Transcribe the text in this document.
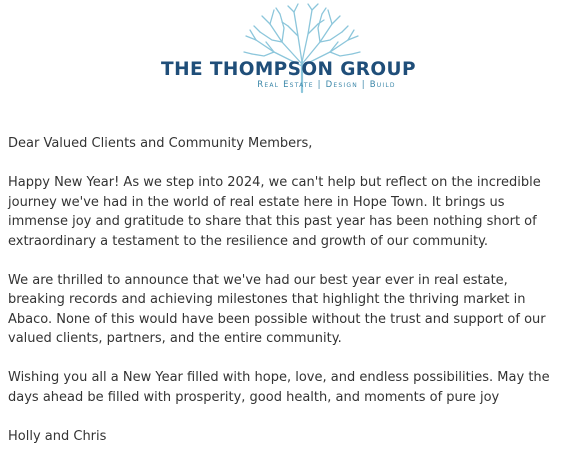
THE THOMPSON GROUP
Real Estate | Design | Build

Dear Valued Clients and Community Members,

Happy New Year! As we step into 2024, we can't help but reflect on the incredible journey we've had in the world of real estate here in Hope Town. It brings us immense joy and gratitude to share that this past year has been nothing short of extraordinary a testament to the resilience and growth of our community.

We are thrilled to announce that we've had our best year ever in real estate, breaking records and achieving milestones that highlight the thriving market in Abaco. None of this would have been possible without the trust and support of our valued clients, partners, and the entire community.

Wishing you all a New Year filled with hope, love, and endless possibilities. May the days ahead be filled with prosperity, good health, and moments of pure joy

Holly and Chris
